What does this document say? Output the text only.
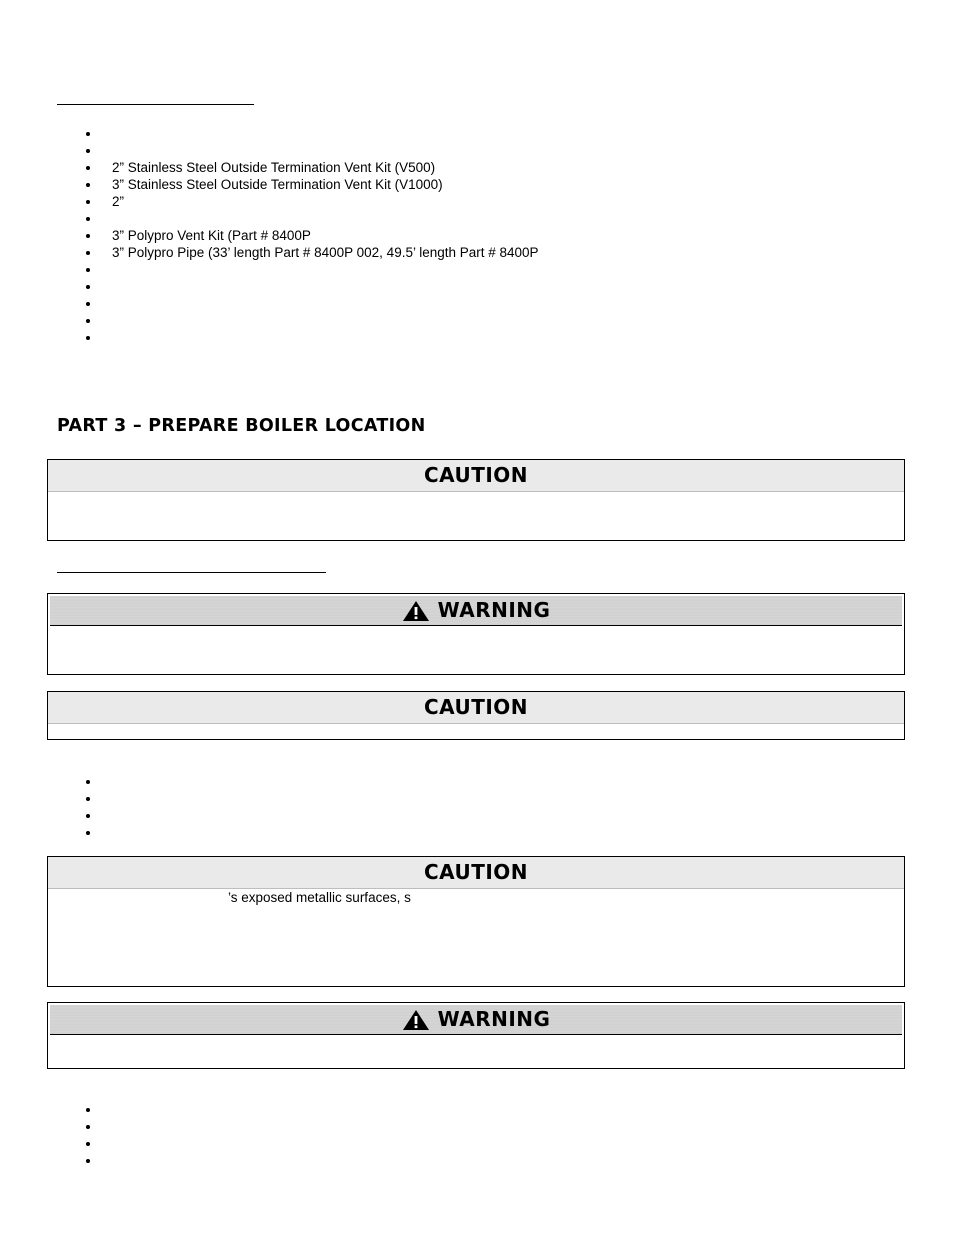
2” Stainless Steel Outside Termination Vent Kit (V500)
3” Stainless Steel Outside Termination Vent Kit (V1000)
2”
3” Polypro Vent Kit (Part # 8400P
3” Polypro Pipe (33’ length Part # 8400P 002, 49.5’ length Part # 8400P
PART 3 – PREPARE BOILER LOCATION
CAUTION
WARNING
CAUTION
CAUTION
’s exposed metallic surfaces, s
WARNING
